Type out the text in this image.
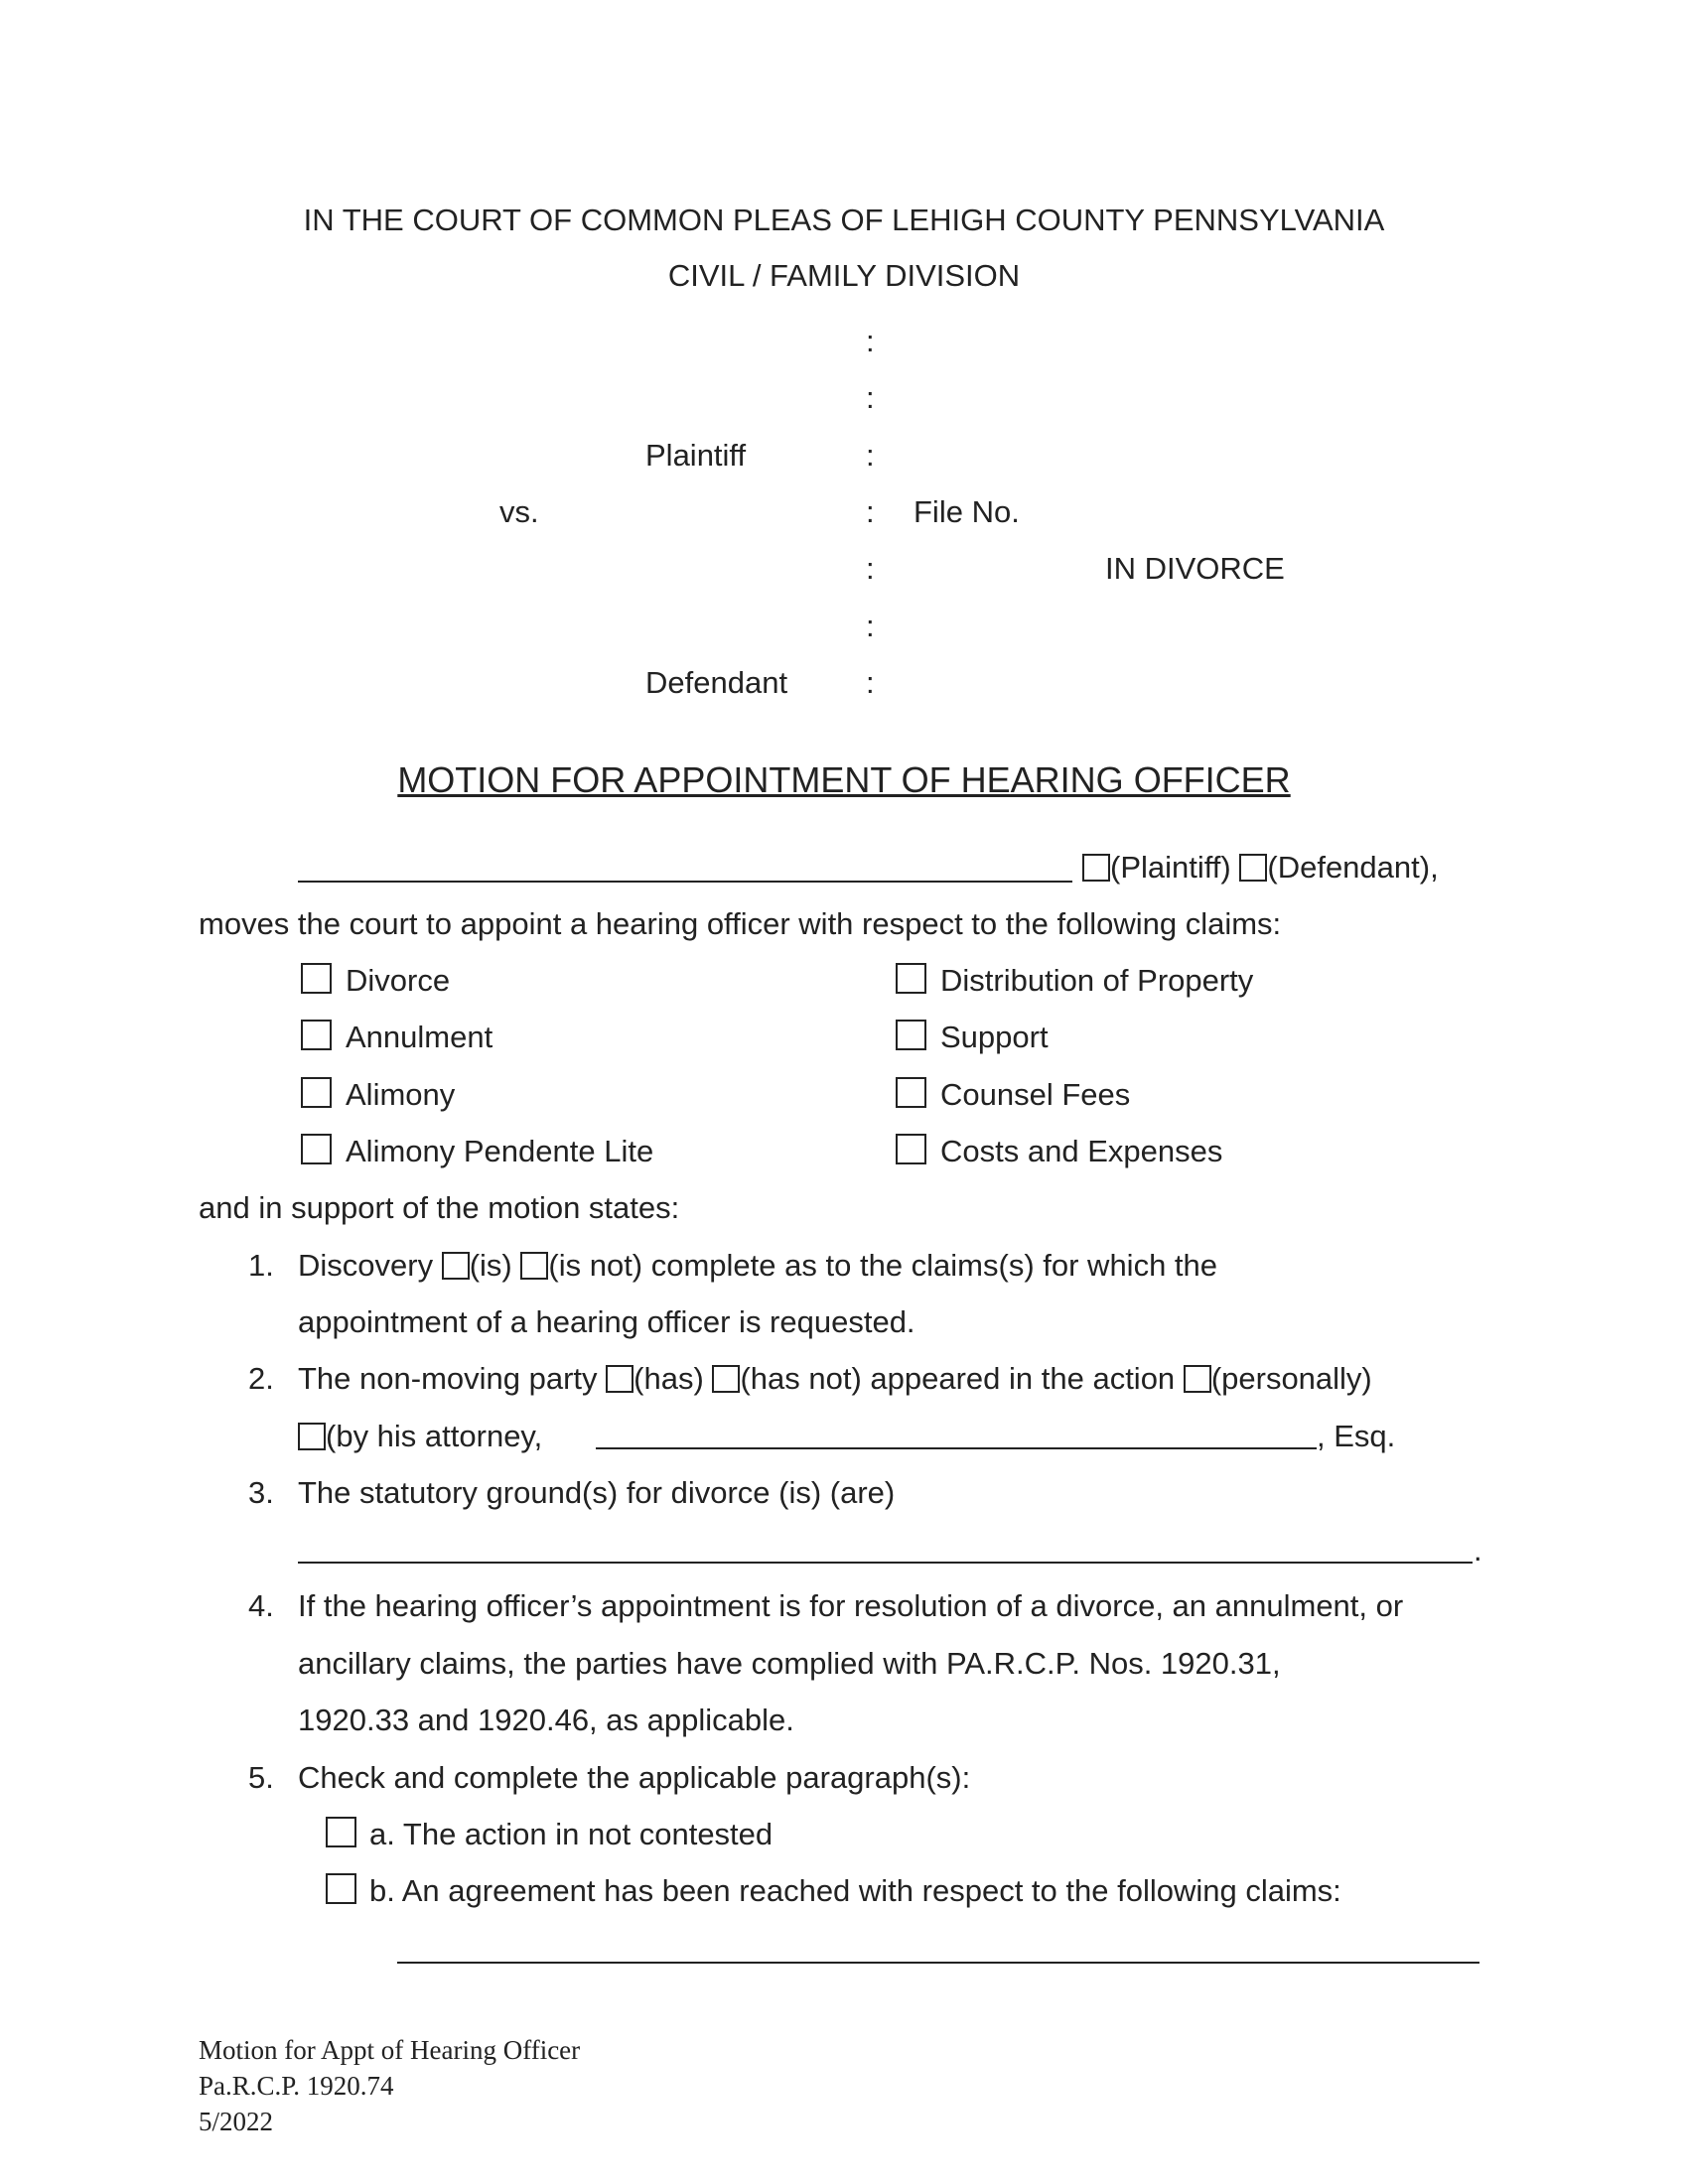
IN THE COURT OF COMMON PLEAS OF LEHIGH COUNTY PENNSYLVANIA
CIVIL / FAMILY DIVISION
:
:
:
:
:
:
:
Plaintiff
vs.	File No.
IN DIVORCE
Defendant
MOTION FOR APPOINTMENT OF HEARING OFFICER
(Plaintiff) (Defendant),
moves the court to appoint a hearing officer with respect to the following claims:
Divorce
Annulment
Alimony
Alimony Pendente Lite
Distribution of Property
Support
Counsel Fees
Costs and Expenses
and in support of the motion states:
1. Discovery (is) (is not) complete as to the claims(s) for which the
appointment of a hearing officer is requested.
2. The non-moving party (has) (has not) appeared in the action (personally)
(by his attorney,	, Esq.
3. The statutory ground(s) for divorce (is) (are)
.
4. If the hearing officer’s appointment is for resolution of a divorce, an annulment, or
ancillary claims, the parties have complied with PA.R.C.P. Nos. 1920.31,
1920.33 and 1920.46, as applicable.
5. Check and complete the applicable paragraph(s):
a. The action in not contested
b. An agreement has been reached with respect to the following claims:
Motion for Appt of Hearing Officer
Pa.R.C.P. 1920.74
5/2022
